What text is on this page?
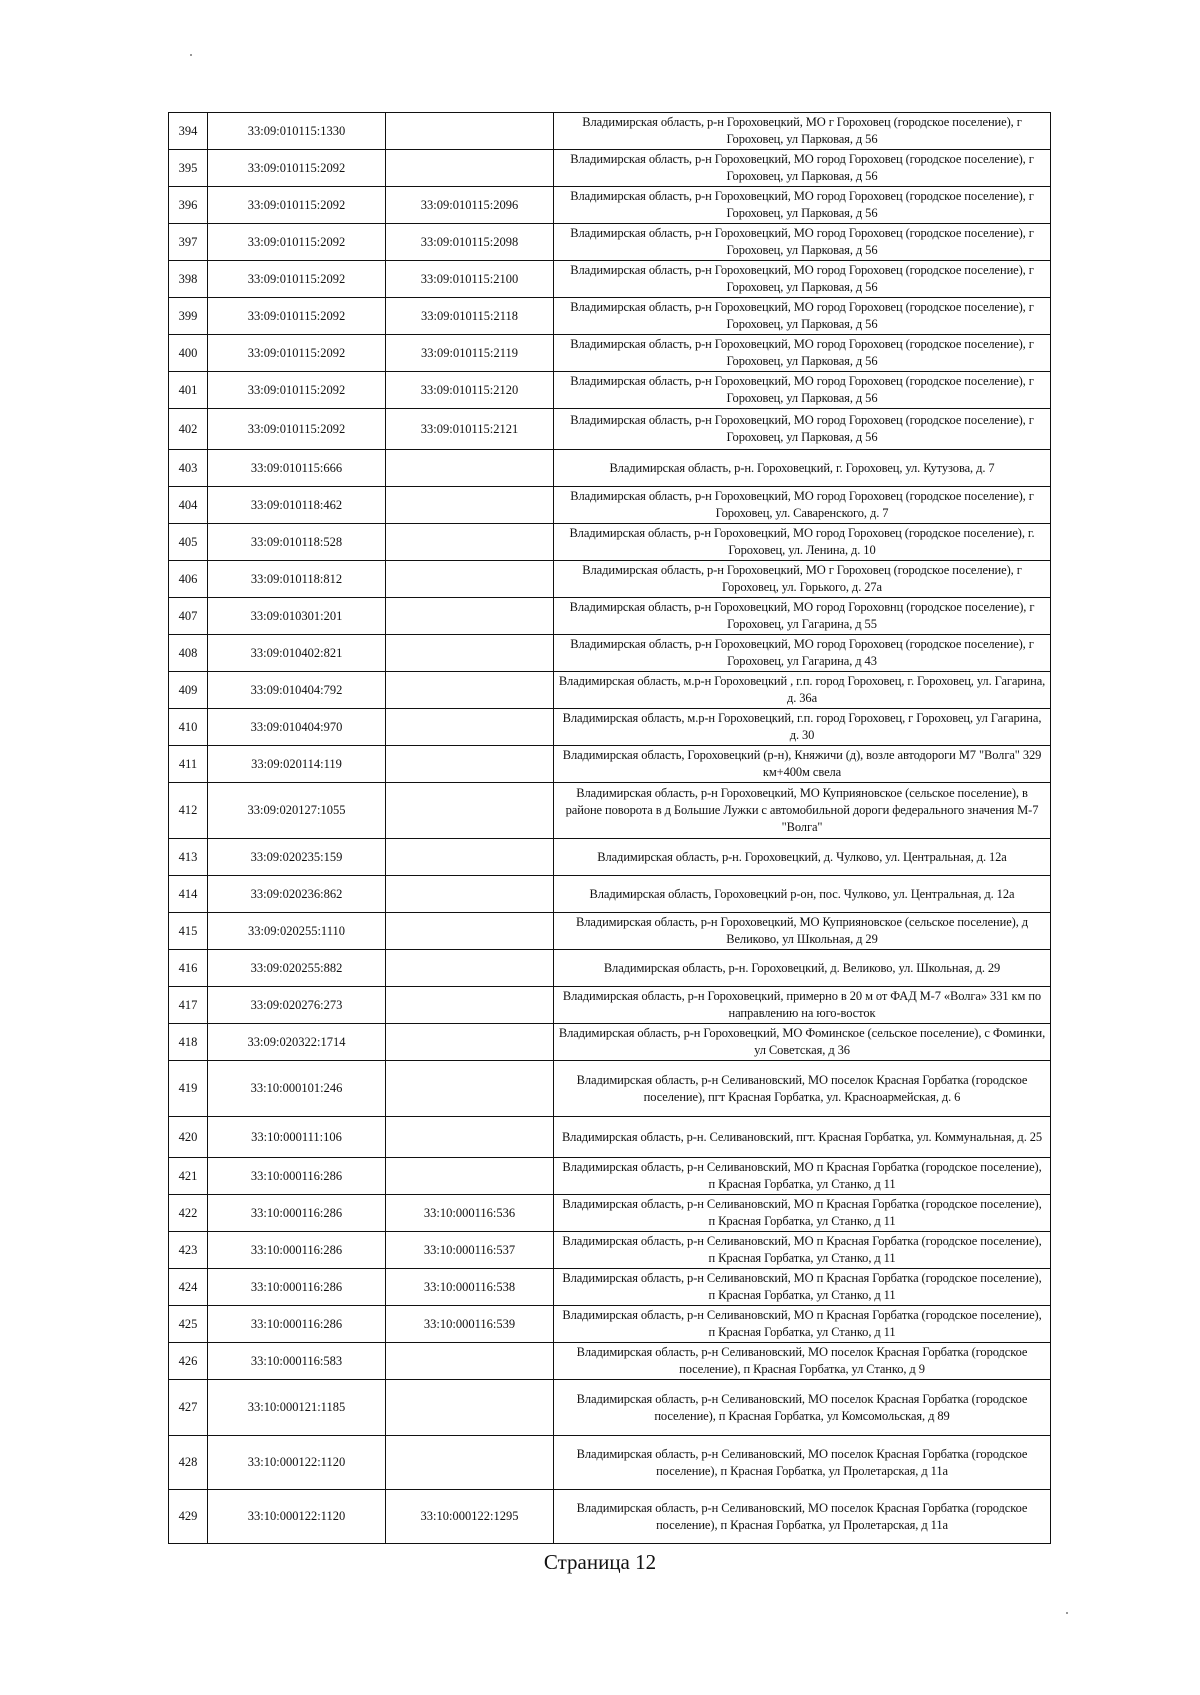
394	33:09:010115:1330		Владимирская область, р-н Гороховецкий, МО г Гороховец (городское поселение), г Гороховец, ул Парковая, д 56
395	33:09:010115:2092		Владимирская область, р-н Гороховецкий, МО город Гороховец (городское поселение), г Гороховец, ул Парковая, д 56
396	33:09:010115:2092	33:09:010115:2096	Владимирская область, р-н Гороховецкий, МО город Гороховец (городское поселение), г Гороховец, ул Парковая, д 56
397	33:09:010115:2092	33:09:010115:2098	Владимирская область, р-н Гороховецкий, МО город Гороховец (городское поселение), г Гороховец, ул Парковая, д 56
398	33:09:010115:2092	33:09:010115:2100	Владимирская область, р-н Гороховецкий, МО город Гороховец (городское поселение), г Гороховец, ул Парковая, д 56
399	33:09:010115:2092	33:09:010115:2118	Владимирская область, р-н Гороховецкий, МО город Гороховец (городское поселение), г Гороховец, ул Парковая, д 56
400	33:09:010115:2092	33:09:010115:2119	Владимирская область, р-н Гороховецкий, МО город Гороховец (городское поселение), г Гороховец, ул Парковая, д 56
401	33:09:010115:2092	33:09:010115:2120	Владимирская область, р-н Гороховецкий, МО город Гороховец (городское поселение), г Гороховец, ул Парковая, д 56
402	33:09:010115:2092	33:09:010115:2121	Владимирская область, р-н Гороховецкий, МО город Гороховец (городское поселение), г Гороховец, ул Парковая, д 56
403	33:09:010115:666		Владимирская область, р-н. Гороховецкий, г. Гороховец, ул. Кутузова, д. 7
404	33:09:010118:462		Владимирская область, р-н Гороховецкий, МО город Гороховец (городское поселение), г Гороховец, ул. Саваренского, д. 7
405	33:09:010118:528		Владимирская область, р-н Гороховецкий, МО город Гороховец (городское поселение), г. Гороховец, ул. Ленина, д. 10
406	33:09:010118:812		Владимирская область, р-н Гороховецкий, МО г Гороховец (городское поселение), г Гороховец, ул. Горького, д. 27а
407	33:09:010301:201		Владимирская область, р-н Гороховецкий, МО город Гороховнц (городское поселение), г Гороховец, ул Гагарина, д 55
408	33:09:010402:821		Владимирская область, р-н Гороховецкий, МО город Гороховец (городское поселение), г Гороховец, ул Гагарина, д 43
409	33:09:010404:792		Владимирская область, м.р-н Гороховецкий , г.п. город Гороховец, г. Гороховец, ул. Гагарина, д. 36а
410	33:09:010404:970		Владимирская область, м.р-н Гороховецкий, г.п. город Гороховец, г Гороховец, ул Гагарина, д. 30
411	33:09:020114:119		Владимирская область, Гороховецкий (р-н), Княжичи (д), возле автодороги М7 "Волга" 329 км+400м свела
412	33:09:020127:1055		Владимирская область, р-н Гороховецкий, МО Куприяновское (сельское поселение), в районе поворота в д Большие Лужки с автомобильной дороги федерального значения М-7 "Волга"
413	33:09:020235:159		Владимирская область, р-н. Гороховецкий, д. Чулково, ул. Центральная, д. 12а
414	33:09:020236:862		Владимирская область, Гороховецкий р-он, пос. Чулково, ул. Центральная, д. 12а
415	33:09:020255:1110		Владимирская область, р-н Гороховецкий, МО Куприяновское (сельское поселение), д Великово, ул Школьная, д 29
416	33:09:020255:882		Владимирская область, р-н. Гороховецкий, д. Великово, ул. Школьная, д. 29
417	33:09:020276:273		Владимирская область, р-н Гороховецкий, примерно в 20 м от ФАД М-7 «Волга» 331 км по направлению на юго-восток
418	33:09:020322:1714		Владимирская область, р-н Гороховецкий, МО Фоминское (сельское поселение), с Фоминки, ул Советская, д 36
419	33:10:000101:246		Владимирская область, р-н Селивановский, МО поселок Красная Горбатка (городское поселение), пгт Красная Горбатка, ул. Красноармейская, д. 6
420	33:10:000111:106		Владимирская область, р-н. Селивановский, пгт. Красная Горбатка, ул. Коммунальная, д. 25
421	33:10:000116:286		Владимирская область, р-н Селивановский, МО п Красная Горбатка (городское поселение), п Красная Горбатка, ул Станко, д 11
422	33:10:000116:286	33:10:000116:536	Владимирская область, р-н Селивановский, МО п Красная Горбатка (городское поселение), п Красная Горбатка, ул Станко, д 11
423	33:10:000116:286	33:10:000116:537	Владимирская область, р-н Селивановский, МО п Красная Горбатка (городское поселение), п Красная Горбатка, ул Станко, д 11
424	33:10:000116:286	33:10:000116:538	Владимирская область, р-н Селивановский, МО п Красная Горбатка (городское поселение), п Красная Горбатка, ул Станко, д 11
425	33:10:000116:286	33:10:000116:539	Владимирская область, р-н Селивановский, МО п Красная Горбатка (городское поселение), п Красная Горбатка, ул Станко, д 11
426	33:10:000116:583		Владимирская область, р-н Селивановский, МО поселок Красная Горбатка (городское поселение), п Красная Горбатка, ул Станко, д 9
427	33:10:000121:1185		Владимирская область, р-н Селивановский, МО поселок Красная Горбатка (городское поселение), п Красная Горбатка, ул Комсомольская, д 89
428	33:10:000122:1120		Владимирская область, р-н Селивановский, МО поселок Красная Горбатка (городское поселение), п Красная Горбатка, ул Пролетарская, д 11а
429	33:10:000122:1120	33:10:000122:1295	Владимирская область, р-н Селивановский, МО поселок Красная Горбатка (городское поселение), п Красная Горбатка, ул Пролетарская, д 11а
Страница 12
